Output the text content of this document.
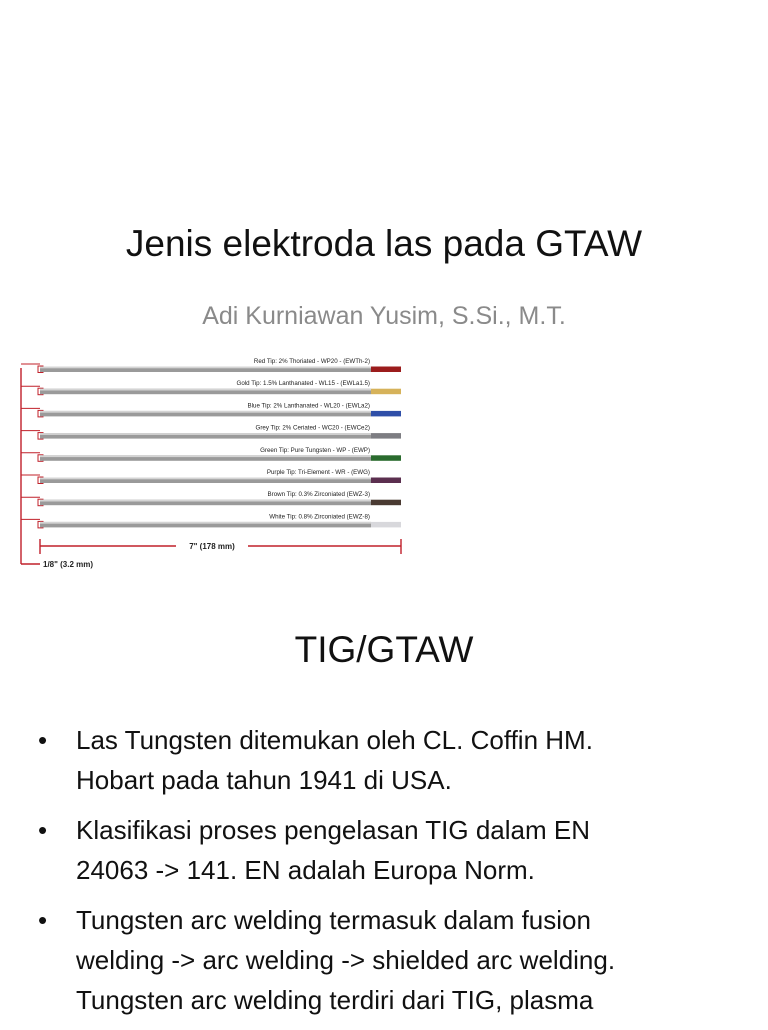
Jenis elektroda las pada GTAW
Adi Kurniawan Yusim, S.Si., M.T.
Red Tip: 2% Thoriated - WP20 - (EWTh-2)
Gold Tip: 1.5% Lanthanated - WL15 - (EWLa1.5)
Blue Tip: 2% Lanthanated - WL20 - (EWLa2)
Grey Tip: 2% Ceriated - WC20 - (EWCe2)
Green Tip: Pure Tungsten - WP - (EWP)
Purple Tip: Tri-Element - WR - (EWG)
Brown Tip: 0.3% Zirconiated (EWZ-3)
White Tip: 0.8% Zirconiated (EWZ-8)
7" (178 mm)
1/8" (3.2 mm)
TIG/GTAW
• Las Tungsten ditemukan oleh CL. Coffin HM.
Hobart pada tahun 1941 di USA.
• Klasifikasi proses pengelasan TIG dalam EN
24063 -> 141. EN adalah Europa Norm.
• Tungsten arc welding termasuk dalam fusion
welding -> arc welding -> shielded arc welding.
Tungsten arc welding terdiri dari TIG, plasma
